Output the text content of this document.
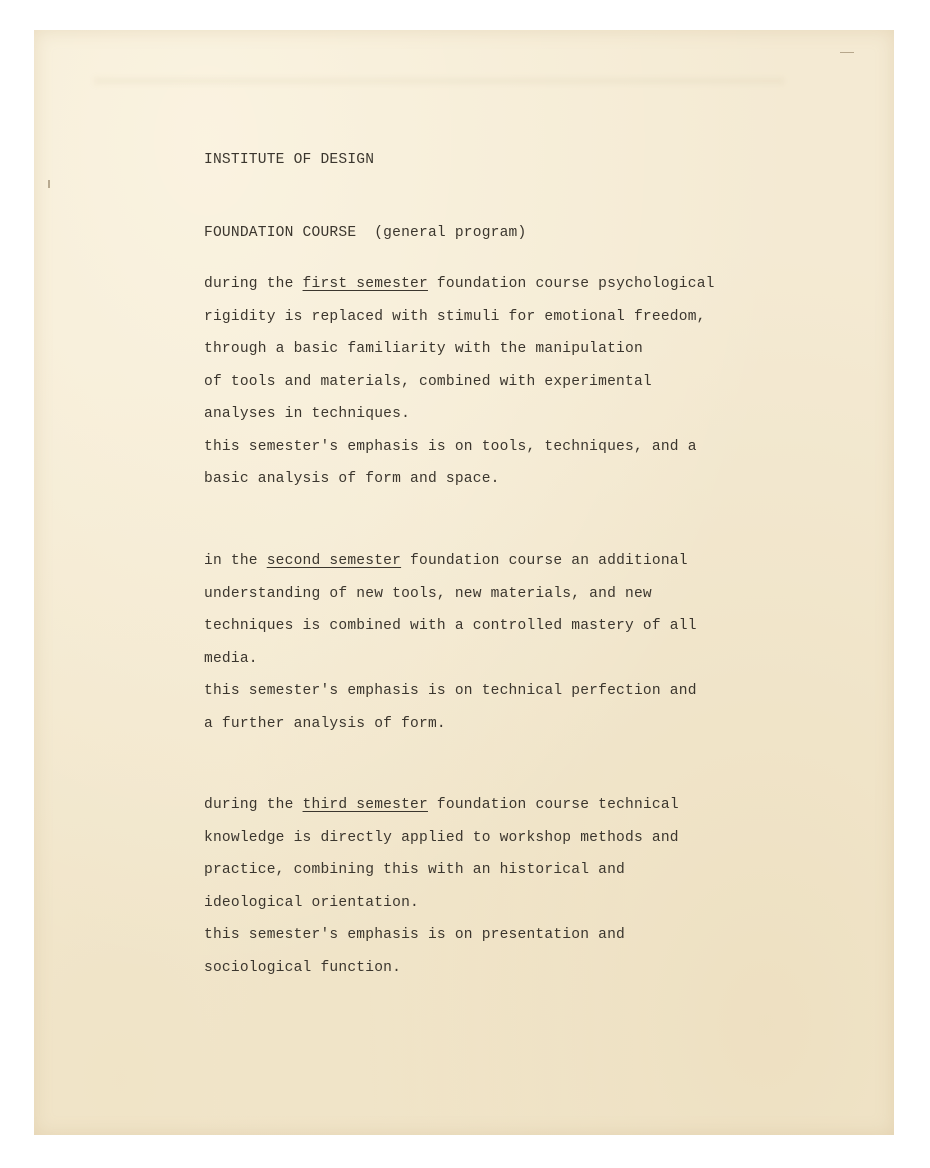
INSTITUTE OF DESIGN

FOUNDATION COURSE  (general program)

during the first semester foundation course psychological
rigidity is replaced with stimuli for emotional freedom,
through a basic familiarity with the manipulation
of tools and materials, combined with experimental
analyses in techniques.
this semester's emphasis is on tools, techniques, and a
basic analysis of form and space.

in the second semester foundation course an additional
understanding of new tools, new materials, and new
techniques is combined with a controlled mastery of all
media.
this semester's emphasis is on technical perfection and
a further analysis of form.

during the third semester foundation course technical
knowledge is directly applied to workshop methods and
practice, combining this with an historical and
ideological orientation.
this semester's emphasis is on presentation and
sociological function.
